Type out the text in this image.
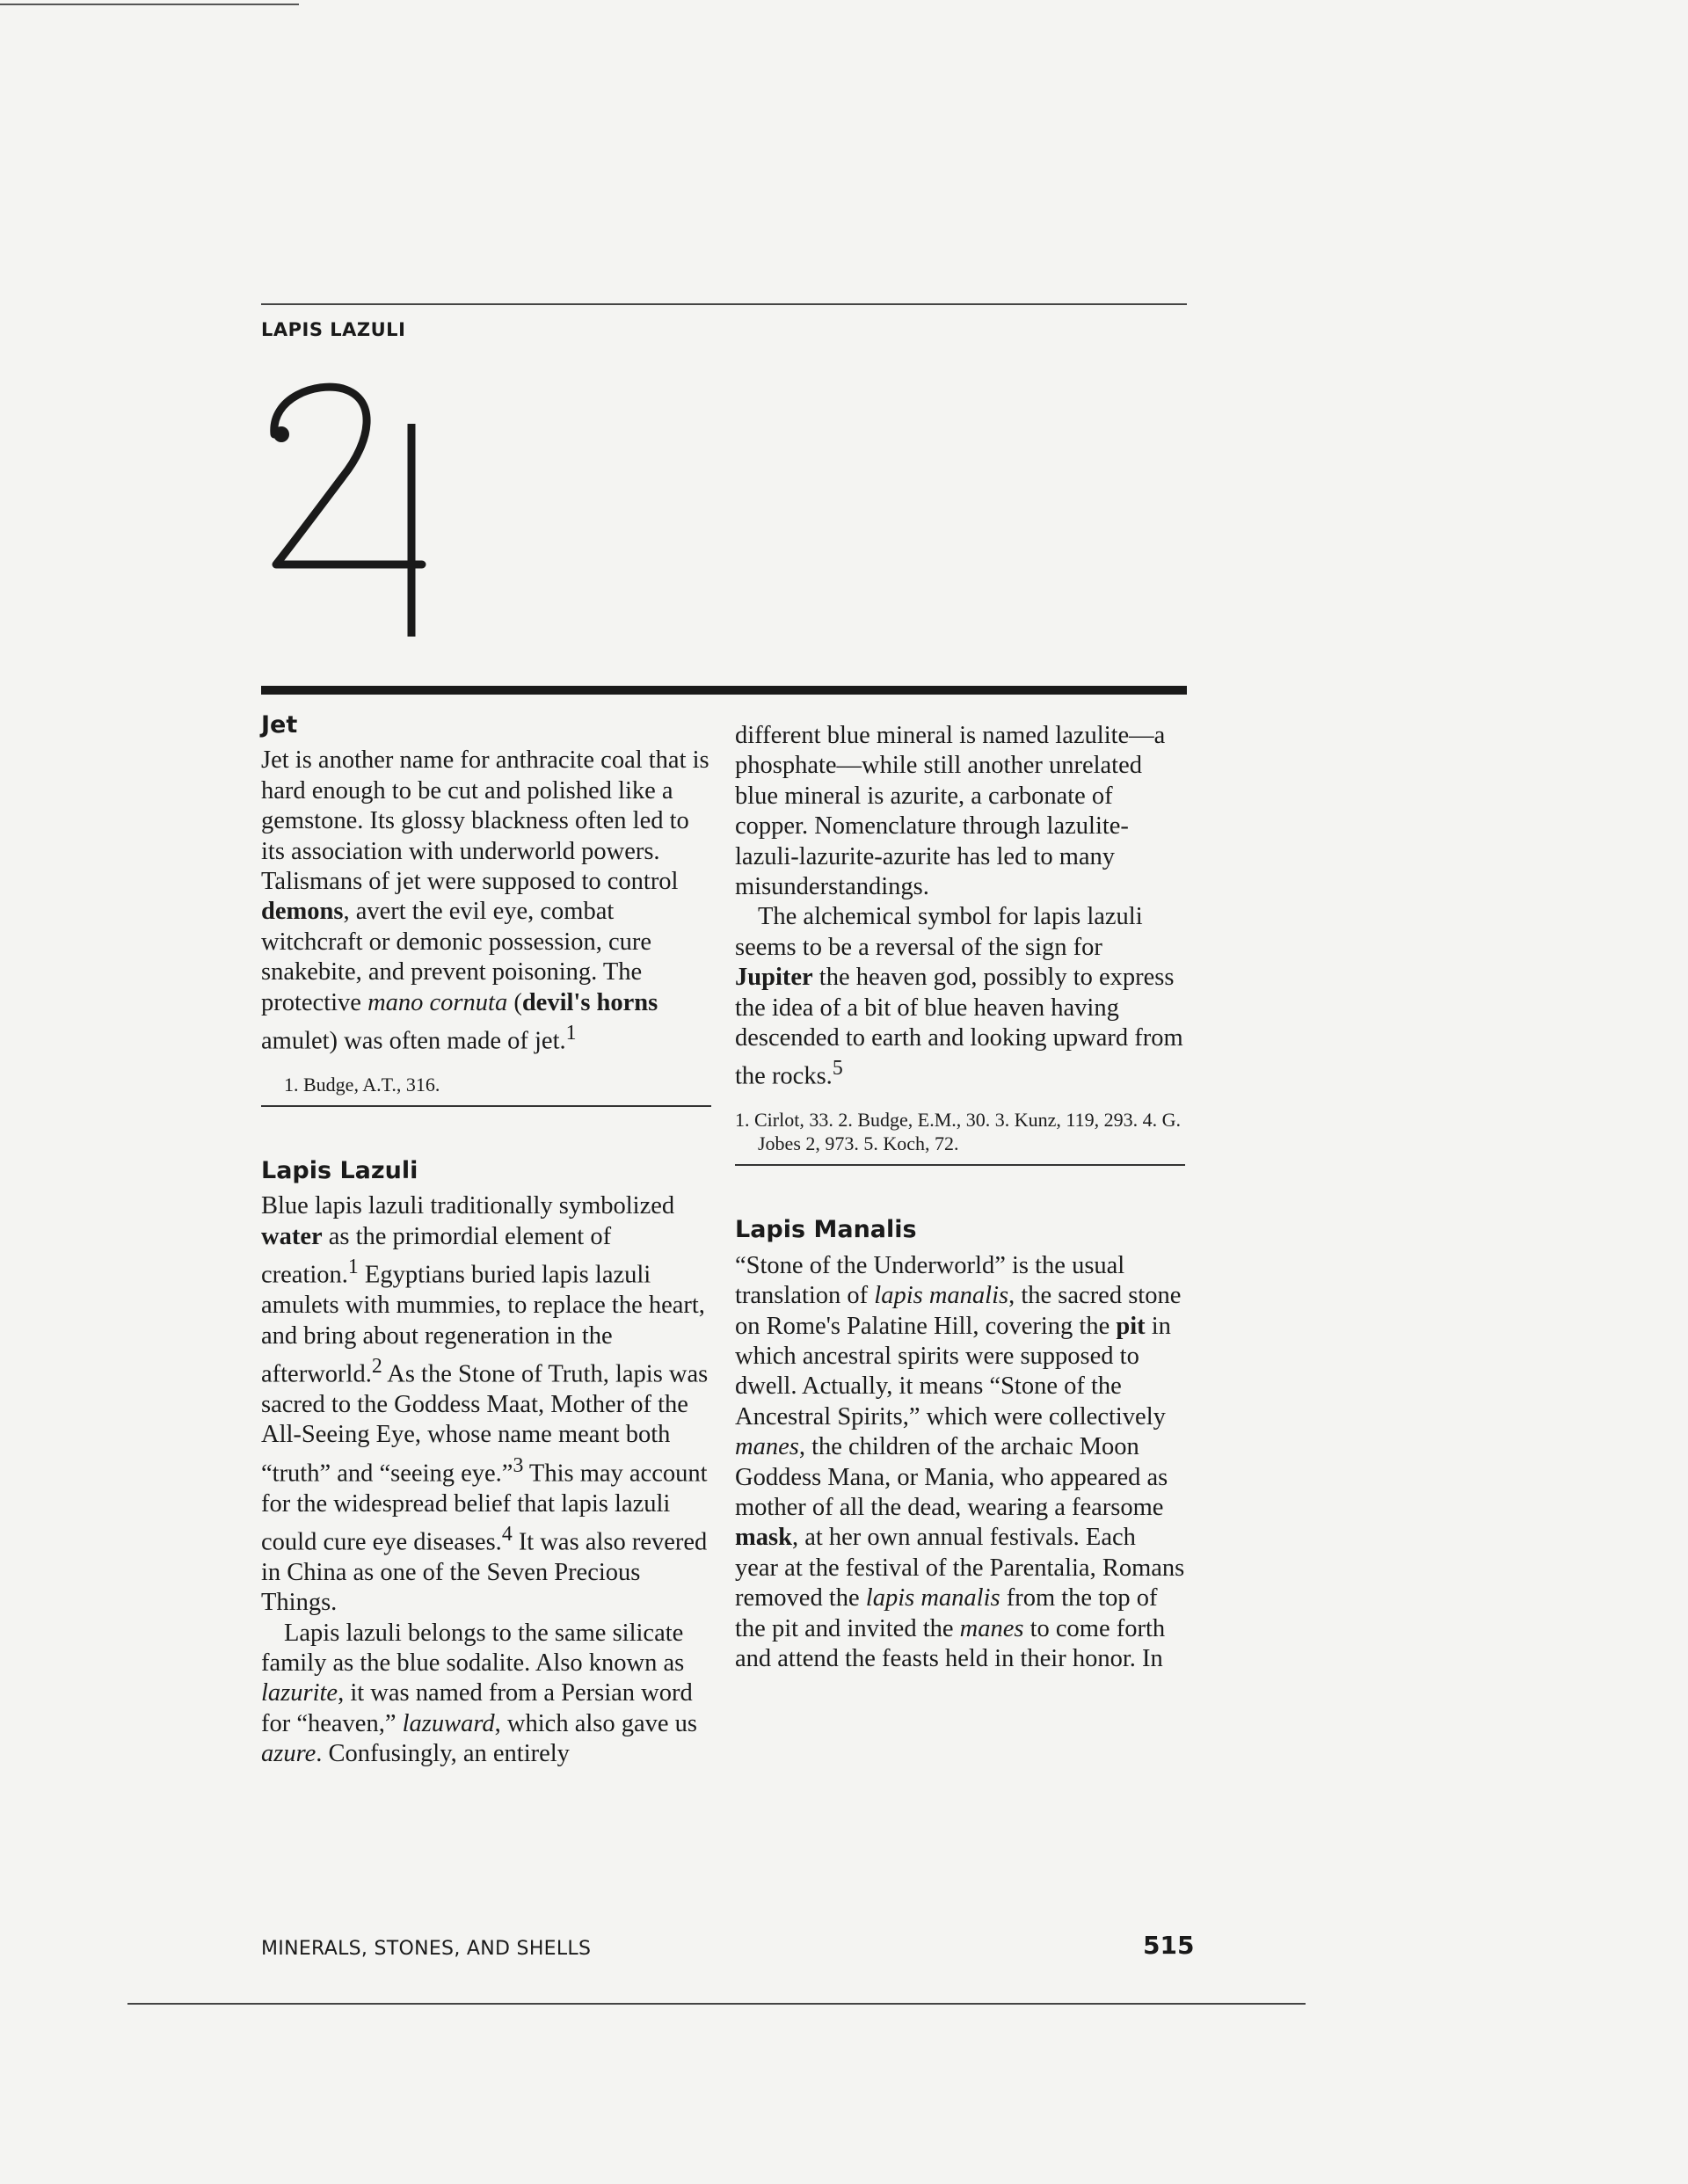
LAPIS LAZULI
Jet

Jet is another name for anthracite coal that is hard enough to be cut and polished like a gemstone. Its glossy blackness often led to its association with underworld powers. Talismans of jet were supposed to control demons, avert the evil eye, combat witchcraft or demonic possession, cure snakebite, and prevent poisoning. The protective mano cornuta (devil's horns amulet) was often made of jet.$^1$

1. Budge, A.T., 316.
Lapis Lazuli

Blue lapis lazuli traditionally symbolized water as the primordial element of creation.$^1$ Egyptians buried lapis lazuli amulets with mummies, to replace the heart, and bring about regeneration in the afterworld.$^2$ As the Stone of Truth, lapis was sacred to the Goddess Maat, Mother of the All-Seeing Eye, whose name meant both “truth” and “seeing eye.”$^3$ This may account for the widespread belief that lapis lazuli could cure eye diseases.$^4$ It was also revered in China as one of the Seven Precious Things.

Lapis lazuli belongs to the same silicate family as the blue sodalite. Also known as lazurite, it was named from a Persian word for “heaven,” lazuward, which also gave us azure. Confusingly, an entirely

different blue mineral is named lazulite—a phosphate—while still another unrelated blue mineral is azurite, a carbonate of copper. Nomenclature through lazulite-lazuli-lazurite-azurite has led to many misunderstandings.

The alchemical symbol for lapis lazuli seems to be a reversal of the sign for Jupiter the heaven god, possibly to express the idea of a bit of blue heaven having descended to earth and looking upward from the rocks.$^5$

1. Cirlot, 33. 2. Budge, E.M., 30. 3. Kunz, 119, 293. 4. G. Jobes 2, 973. 5. Koch, 72.
Lapis Manalis

“Stone of the Underworld” is the usual translation of lapis manalis, the sacred stone on Rome's Palatine Hill, covering the pit in which ancestral spirits were supposed to dwell. Actually, it means “Stone of the Ancestral Spirits,” which were collectively manes, the children of the archaic Moon Goddess Mana, or Mania, who appeared as mother of all the dead, wearing a fearsome mask, at her own annual festivals. Each year at the festival of the Parentalia, Romans removed the lapis manalis from the top of the pit and invited the manes to come forth and attend the feasts held in their honor. In

MINERALS, STONES, AND SHELLS	515
